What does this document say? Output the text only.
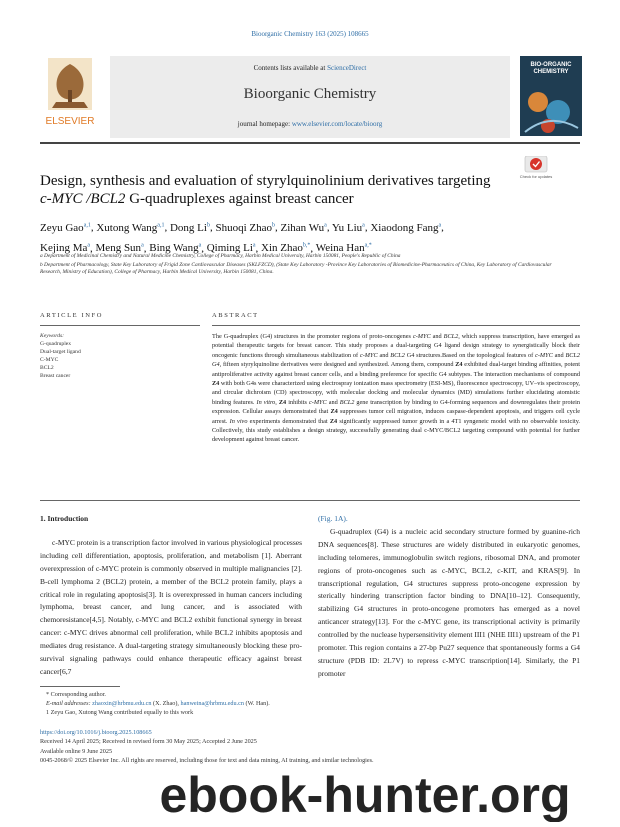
Bioorganic Chemistry 163 (2025) 108665
ELSEVIER
Contents lists available at ScienceDirect
Bioorganic Chemistry
journal homepage: www.elsevier.com/locate/bioorg
BIO-ORGANIC CHEMISTRY
Design, synthesis and evaluation of styrylquinolinium derivatives targeting
c-MYC /BCL2 G-quadruplexes against breast cancer
Check for updates
Zeyu Gao$^{a,1}$, Xutong Wang$^{a,1}$, Dong Li$^b$, Shuoqi Zhao$^b$, Zihan Wu$^a$, Yu Liu$^a$, Xiaodong Fang$^a$,
Kejing Ma$^a$, Meng Sun$^a$, Bing Wang$^a$, Qiming Li$^a$, Xin Zhao$^{b,*}$, Weina Han$^{a,*}$
a Department of Medicinal Chemistry and Natural Medicine Chemistry, College of Pharmacy, Harbin Medical University, Harbin 150081, People's Republic of China
b Department of Pharmacology, State Key Laboratory of Frigid Zone Cardiovascular Diseases (SKLFZCD), (State Key Laboratory -Province Key Laboratories of Biomedicine-Pharmaceutics of China, Key Laboratory of Cardiovascular Research, Ministry of Education), College of Pharmacy, Harbin Medical University, Harbin 150081, China.
ARTICLE INFO	ABSTRACT
Keywords:
G-quadruplex
Dual-target ligand
C-MYC
BCL2
Breast cancer
The G-quadruplex (G4) structures in the promoter regions of proto-oncogenes c-MYC and BCL2, which suppress transcription, have emerged as potential therapeutic targets for breast cancer. This study proposes a dual-targeting G4 ligand design strategy to synergistically block their oncogenic functions through simultaneous stabilization of c-MYC and BCL2 G4 structures.Based on the topological features of c-MYC and BCL2 G4, fifteen styrylquinoline derivatives were designed and synthesized. Among them, compound Z4 exhibited dual-target binding affinities, potent antiproliferative activity against breast cancer cells, and a binding preference for specific G4 subtypes. The interaction mechanisms of compound Z4 with both G4s were characterized using electrospray ionization mass spectrometry (ESI-MS), fluorescence spectroscopy, UV–vis spectroscopy, and circular dichroism (CD) spectroscopy, with molecular docking and molecular dynamics (MD) simulations further elucidating atomistic binding features. In vitro, Z4 inhibits c-MYC and BCL2 gene transcription by binding to G4-forming sequences and downregulates their protein expression. Cellular assays demonstrated that Z4 suppresses tumor cell migration, induces caspase-dependent apoptosis, and triggers cell cycle arrest. In vivo experiments demonstrated that Z4 significantly suppressed tumor growth in a 4T1 syngeneic model with no observable toxicity. Collectively, this study establishes a design strategy, successfully generating dual c-MYC/BCL2 targeting compound with potential for further development against breast cancer.
1. Introduction

c-MYC protein is a transcription factor involved in various physiological processes including cell differentiation, apoptosis, proliferation, and metabolism [1]. Aberrant overexpression of c-MYC protein is commonly observed in multiple malignancies [2]. B-cell lymphoma 2 (BCL2) protein, a member of the BCL2 protein family, plays a critical role in regulating apoptosis[3]. It is overexpressed in human cancers including lymphoma, breast cancer, and lung cancer, and is associated with chemoresistance[4,5]. Notably, c-MYC and BCL2 exhibit functional synergy in breast cancer: c-MYC drives abnormal cell proliferation, while BCL2 inhibits apoptosis and mediates drug resistance. A dual-targeting strategy simultaneously blocking these pro-survival signaling pathways could enhance therapeutic efficacy against breast cancer[6,7

(Fig. 1A).

G-quadruplex (G4) is a nucleic acid secondary structure formed by guanine-rich DNA sequences[8]. These structures are widely distributed in eukaryotic genomes, including telomeres, immunoglobulin switch regions, ribosomal DNA, and promoter regions of proto-oncogenes such as c-MYC, BCL2, c-KIT, and KRAS[9]. In transcriptional regulation, G4 structures suppress proto-oncogene expression by sterically hindering transcription factor binding to DNA[10–12]. Consequently, stabilizing G4 structures in proto-oncogene promoters has emerged as a novel anticancer strategy[13]. For the c-MYC gene, its transcriptional activity is primarily controlled by the nuclease hypersensitivity element III1 (NHE III1) upstream of the P1 promoter. This region contains a 27-bp Pu27 sequence that spontaneously forms a G4 structure (PDB ID: 2L7V) to repress c-MYC transcription[14]. Similarly, the P1 promoter

* Corresponding author.
E-mail addresses: zhaoxin@hrbmu.edu.cn (X. Zhao), hanweina@hrbmu.edu.cn (W. Han).
1 Zeyu Gao, Xutong Wang contributed equally to this work
https://doi.org/10.1016/j.bioorg.2025.108665
Received 14 April 2025; Received in revised form 30 May 2025; Accepted 2 June 2025
Available online 9 June 2025
0045-2068/© 2025 Elsevier Inc. All rights are reserved, including those for text and data mining, AI training, and similar technologies.
ebook-hunter.org
